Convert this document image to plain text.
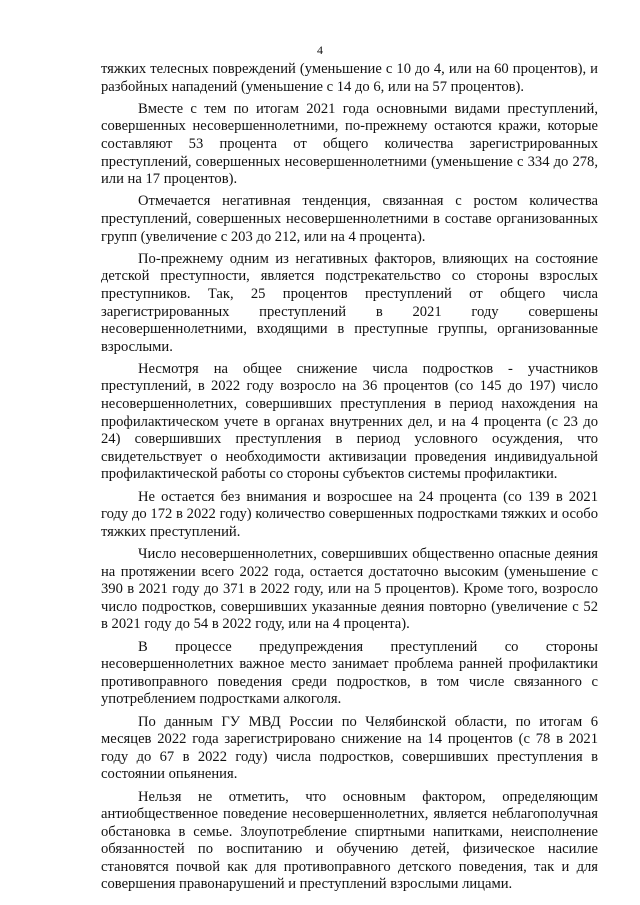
4

тяжких телесных повреждений (уменьшение с 10 до 4, или на 60 процентов), и разбойных нападений (уменьшение с 14 до 6, или на 57 процентов).

Вместе с тем по итогам 2021 года основными видами преступлений, совершенных несовершеннолетними, по-прежнему остаются кражи, которые составляют 53 процента от общего количества зарегистрированных преступлений, совершенных несовершеннолетними (уменьшение с 334 до 278, или на 17 процентов).

Отмечается негативная тенденция, связанная с ростом количества преступлений, совершенных несовершеннолетними в составе организованных групп (увеличение с 203 до 212, или на 4 процента).

По-прежнему одним из негативных факторов, влияющих на состояние детской преступности, является подстрекательство со стороны взрослых преступников. Так, 25 процентов преступлений от общего числа зарегистрированных преступлений в 2021 году совершены несовершеннолетними, входящими в преступные группы, организованные взрослыми.

Несмотря на общее снижение числа подростков - участников преступлений, в 2022 году возросло на 36 процентов (со 145 до 197) число несовершеннолетних, совершивших преступления в период нахождения на профилактическом учете в органах внутренних дел, и на 4 процента (с 23 до 24) совершивших преступления в период условного осуждения, что свидетельствует о необходимости активизации проведения индивидуальной профилактической работы со стороны субъектов системы профилактики.

Не остается без внимания и возросшее на 24 процента (со 139 в 2021 году до 172 в 2022 году) количество совершенных подростками тяжких и особо тяжких преступлений.

Число несовершеннолетних, совершивших общественно опасные деяния на протяжении всего 2022 года, остается достаточно высоким (уменьшение с 390 в 2021 году до 371 в 2022 году, или на 5 процентов). Кроме того, возросло число подростков, совершивших указанные деяния повторно (увеличение с 52 в 2021 году до 54 в 2022 году, или на 4 процента).

В процессе предупреждения преступлений со стороны несовершеннолетних важное место занимает проблема ранней профилактики противоправного поведения среди подростков, в том числе связанного с употреблением подростками алкоголя.

По данным ГУ МВД России по Челябинской области, по итогам 6 месяцев 2022 года зарегистрировано снижение на 14 процентов (с 78 в 2021 году до 67 в 2022 году) числа подростков, совершивших преступления в состоянии опьянения.

Нельзя не отметить, что основным фактором, определяющим антиобщественное поведение несовершеннолетних, является неблагополучная обстановка в семье. Злоупотребление спиртными напитками, неисполнение обязанностей по воспитанию и обучению детей, физическое насилие становятся почвой как для противоправного детского поведения, так и для совершения правонарушений и преступлений взрослыми лицами.
